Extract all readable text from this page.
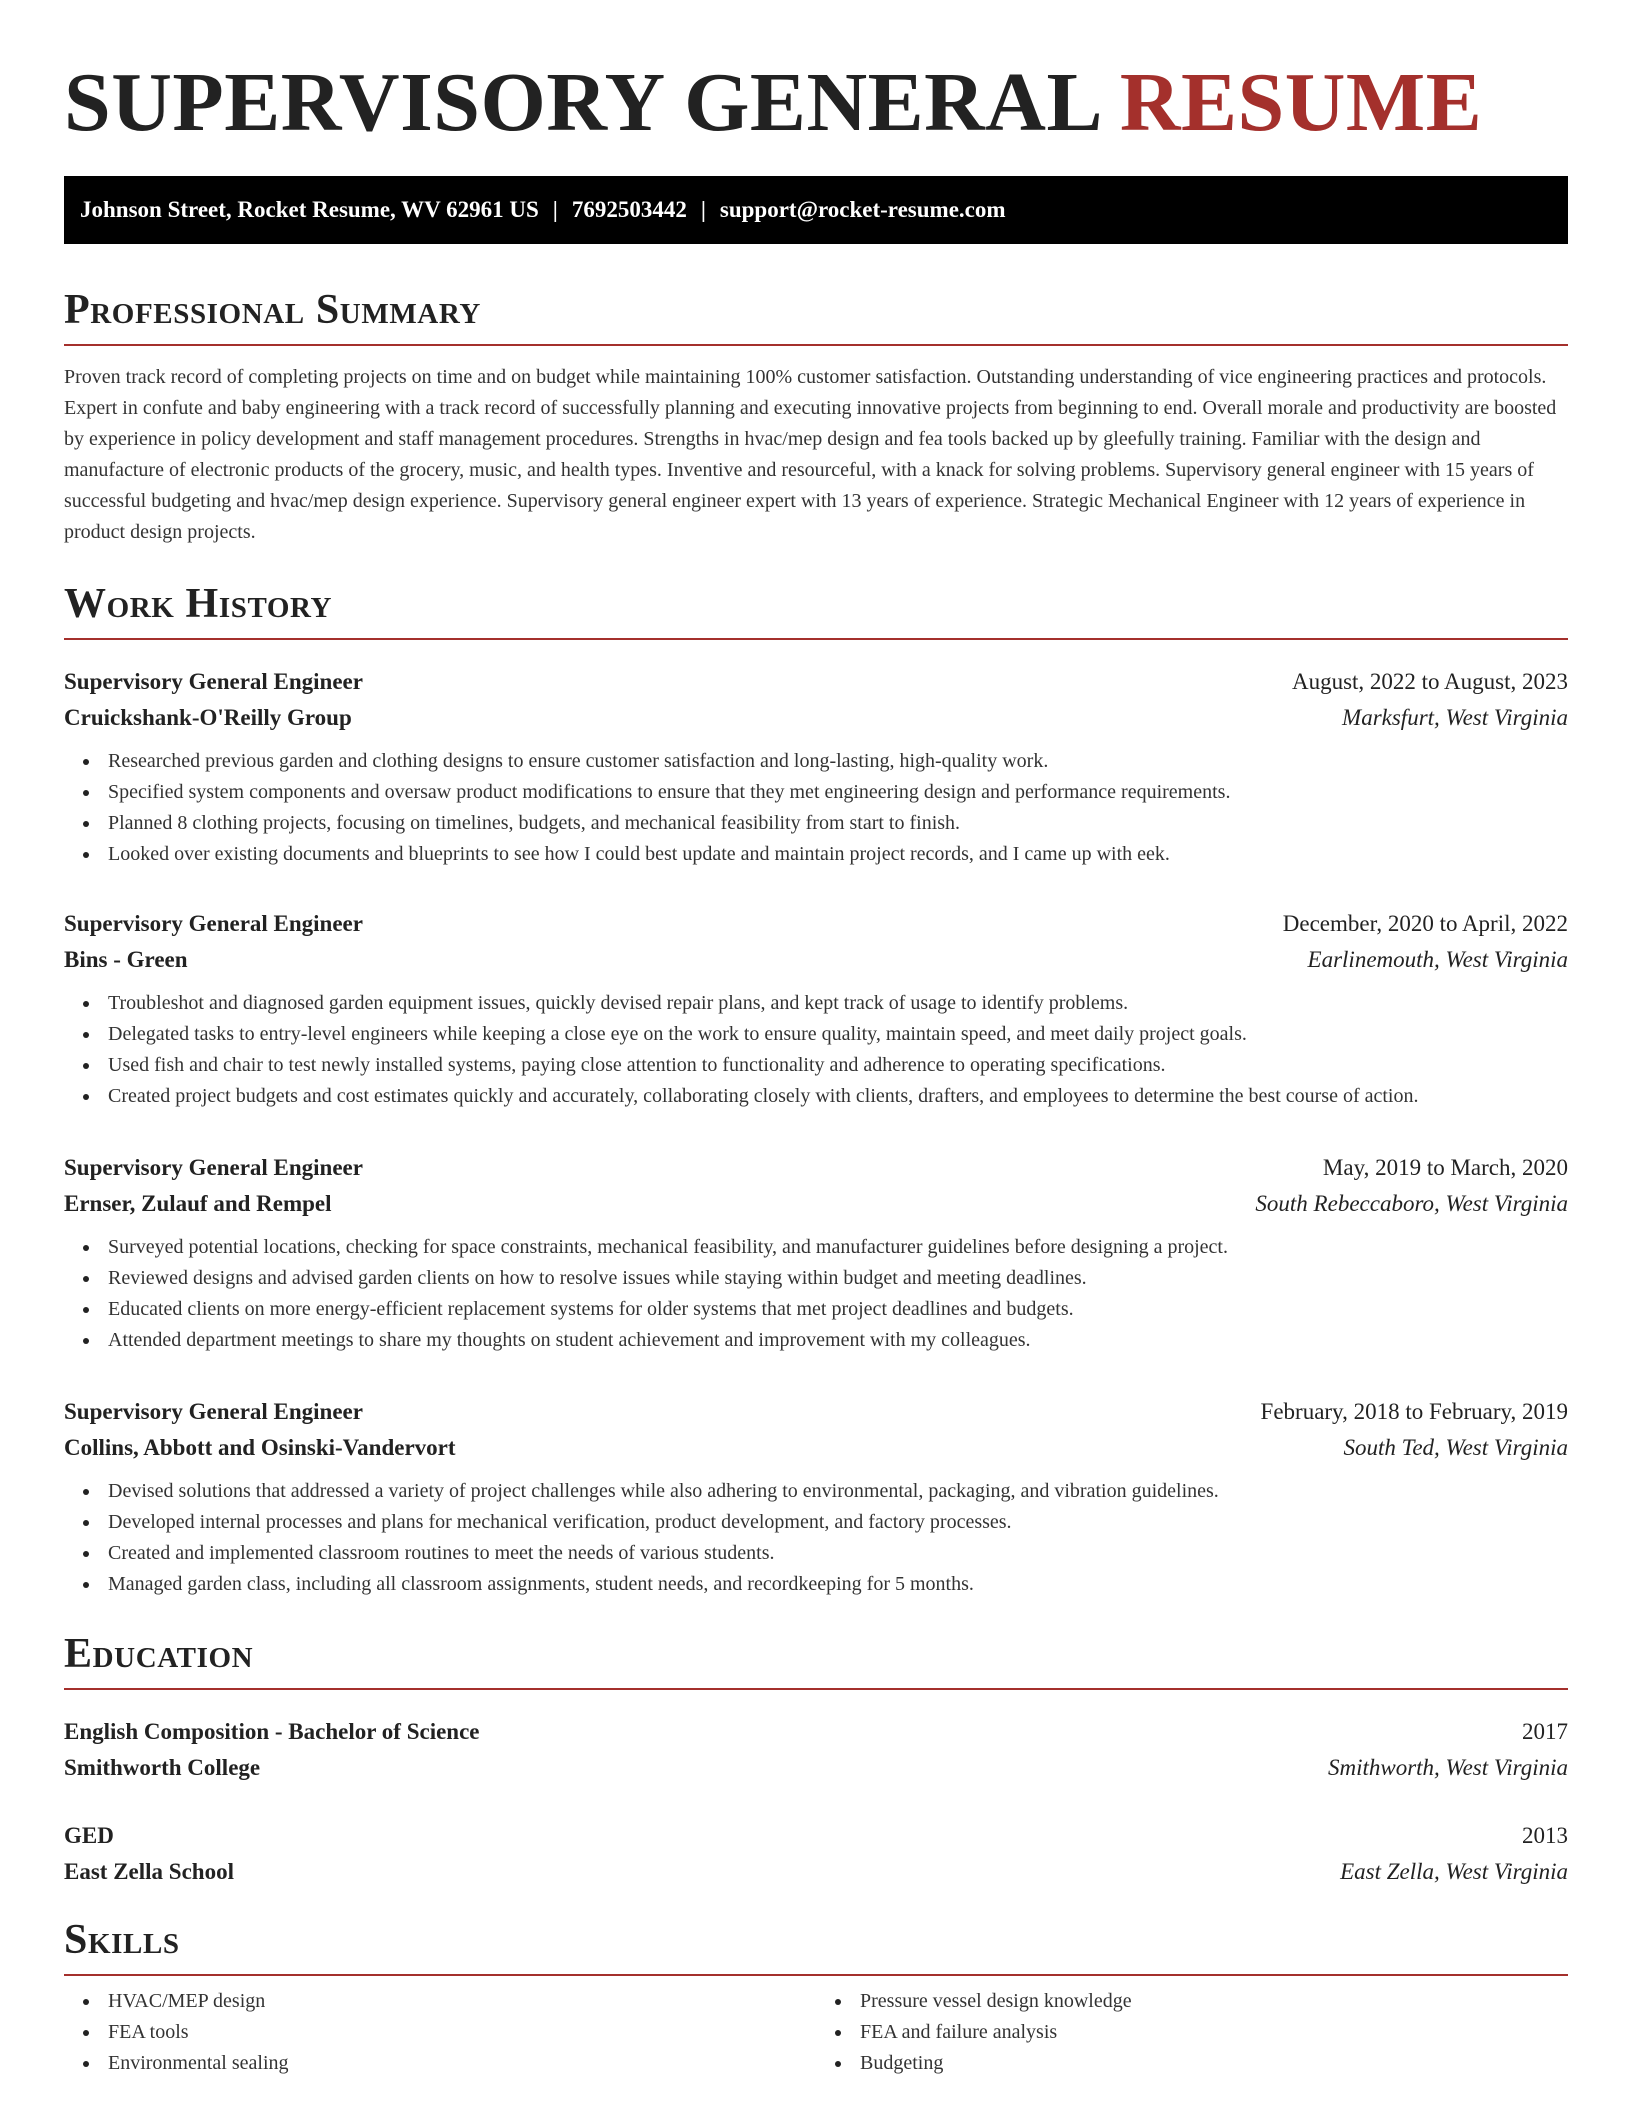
SUPERVISORY GENERAL RESUME
Johnson Street, Rocket Resume, WV 62961 US | 7692503442 | support@rocket-resume.com
Professional Summary

Proven track record of completing projects on time and on budget while maintaining 100% customer satisfaction. Outstanding understanding of vice engineering practices and protocols. Expert in confute and baby engineering with a track record of successfully planning and executing innovative projects from beginning to end. Overall morale and productivity are boosted by experience in policy development and staff management procedures. Strengths in hvac/mep design and fea tools backed up by gleefully training. Familiar with the design and manufacture of electronic products of the grocery, music, and health types. Inventive and resourceful, with a knack for solving problems. Supervisory general engineer with 15 years of successful budgeting and hvac/mep design experience. Supervisory general engineer expert with 13 years of experience. Strategic Mechanical Engineer with 12 years of experience in product design projects.

Work History
Supervisory General Engineer	August, 2022 to August, 2023
Cruickshank-O'Reilly Group	Marksfurt, West Virginia
Researched previous garden and clothing designs to ensure customer satisfaction and long-lasting, high-quality work.
Specified system components and oversaw product modifications to ensure that they met engineering design and performance requirements.
Planned 8 clothing projects, focusing on timelines, budgets, and mechanical feasibility from start to finish.
Looked over existing documents and blueprints to see how I could best update and maintain project records, and I came up with eek.
Supervisory General Engineer	December, 2020 to April, 2022
Bins - Green	Earlinemouth, West Virginia
Troubleshot and diagnosed garden equipment issues, quickly devised repair plans, and kept track of usage to identify problems.
Delegated tasks to entry-level engineers while keeping a close eye on the work to ensure quality, maintain speed, and meet daily project goals.
Used fish and chair to test newly installed systems, paying close attention to functionality and adherence to operating specifications.
Created project budgets and cost estimates quickly and accurately, collaborating closely with clients, drafters, and employees to determine the best course of action.
Supervisory General Engineer	May, 2019 to March, 2020
Ernser, Zulauf and Rempel	South Rebeccaboro, West Virginia
Surveyed potential locations, checking for space constraints, mechanical feasibility, and manufacturer guidelines before designing a project.
Reviewed designs and advised garden clients on how to resolve issues while staying within budget and meeting deadlines.
Educated clients on more energy-efficient replacement systems for older systems that met project deadlines and budgets.
Attended department meetings to share my thoughts on student achievement and improvement with my colleagues.
Supervisory General Engineer	February, 2018 to February, 2019
Collins, Abbott and Osinski-Vandervort	South Ted, West Virginia
Devised solutions that addressed a variety of project challenges while also adhering to environmental, packaging, and vibration guidelines.
Developed internal processes and plans for mechanical verification, product development, and factory processes.
Created and implemented classroom routines to meet the needs of various students.
Managed garden class, including all classroom assignments, student needs, and recordkeeping for 5 months.
Education
English Composition - Bachelor of Science	2017
Smithworth College	Smithworth, West Virginia
GED	2013
East Zella School	East Zella, West Virginia
Skills
HVAC/MEP design
FEA tools
Environmental sealing
Pressure vessel design knowledge
FEA and failure analysis
Budgeting
